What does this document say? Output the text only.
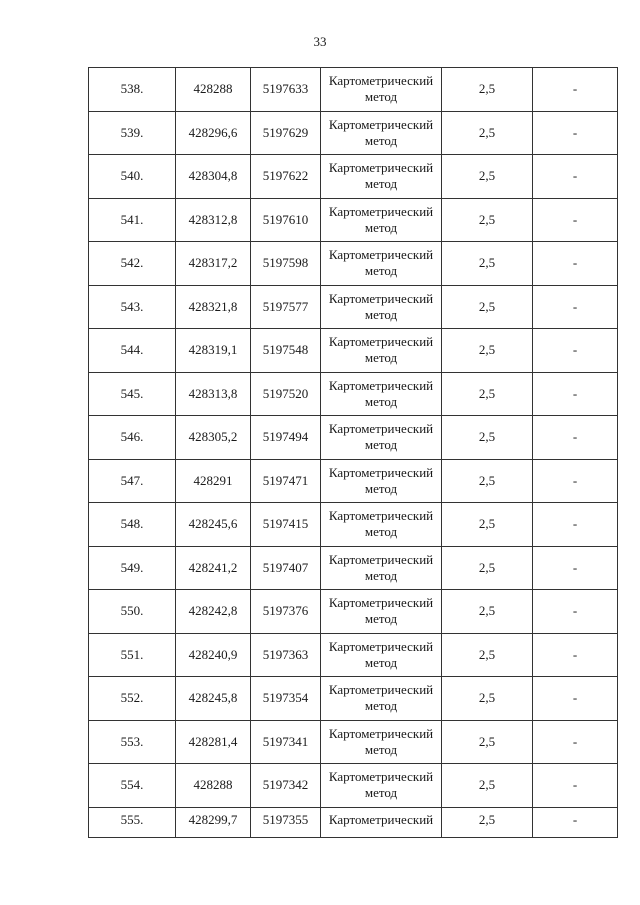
33
538.	428288	5197633	Картометрический метод	2,5	-
539.	428296,6	5197629	Картометрический метод	2,5	-
540.	428304,8	5197622	Картометрический метод	2,5	-
541.	428312,8	5197610	Картометрический метод	2,5	-
542.	428317,2	5197598	Картометрический метод	2,5	-
543.	428321,8	5197577	Картометрический метод	2,5	-
544.	428319,1	5197548	Картометрический метод	2,5	-
545.	428313,8	5197520	Картометрический метод	2,5	-
546.	428305,2	5197494	Картометрический метод	2,5	-
547.	428291	5197471	Картометрический метод	2,5	-
548.	428245,6	5197415	Картометрический метод	2,5	-
549.	428241,2	5197407	Картометрический метод	2,5	-
550.	428242,8	5197376	Картометрический метод	2,5	-
551.	428240,9	5197363	Картометрический метод	2,5	-
552.	428245,8	5197354	Картометрический метод	2,5	-
553.	428281,4	5197341	Картометрический метод	2,5	-
554.	428288	5197342	Картометрический метод	2,5	-
555.	428299,7	5197355	Картометрический	2,5	-
